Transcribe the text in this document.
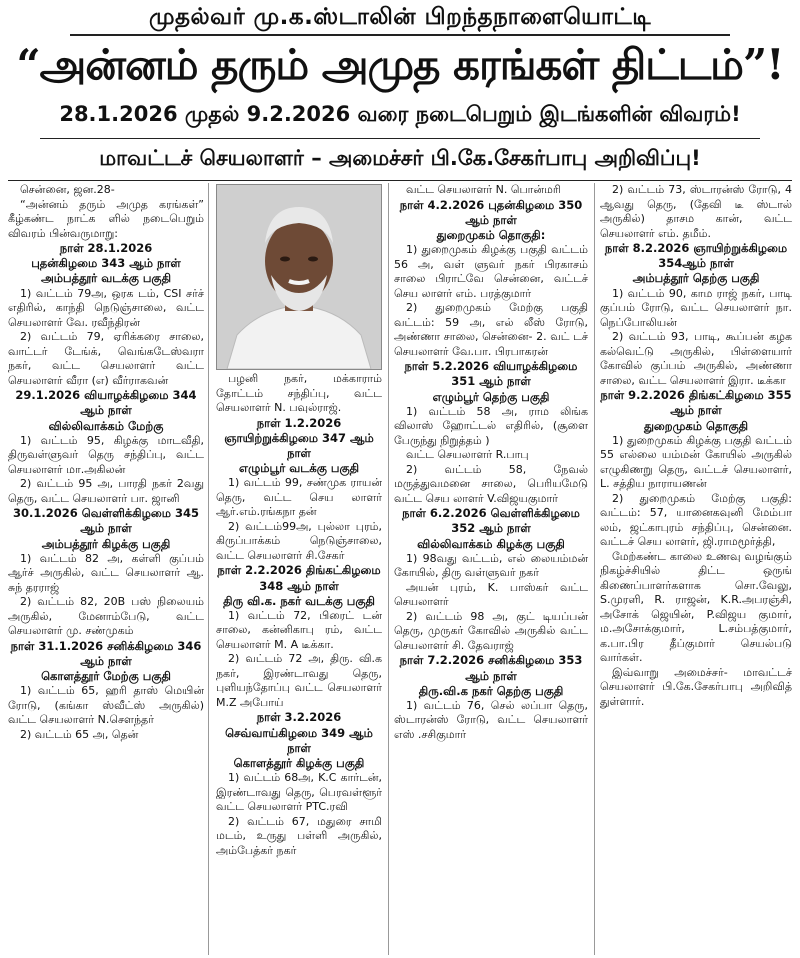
முதல்வர் மு.க.ஸ்டாலின் பிறந்தநாளையொட்டி
“அன்னம் தரும் அமுத கரங்கள் திட்டம்”!
28.1.2026 முதல் 9.2.2026 வரை நடைபெறும் இடங்களின் விவரம்!
மாவட்டச் செயலாளர் – அமைச்சர் பி.கே.சேகர்பாபு அறிவிப்பு!

சென்னை, ஜன.28-

“அன்னம் தரும் அமுத கரங்கள்” கீழ்கண்ட நாட்க ளில் நடைபெறும் விவரம் பின்வருமாறு:

நாள் 28.1.2026

புதன்கிழமை 343 ஆம் நாள் அம்பத்தூர் வடக்கு பகுதி

1) வட்டம் 79அ, ஒரக டம், CSI சர்ச் எதிரில், காந்தி நெடுஞ்சாலை, வட்ட செயலாளர் வே. ரவீந்திரன்

2) வட்டம் 79, ஏரிக்கரை சாலை, வாட்டர் டேங்க், வெங்கடேஸ்வரா நகர், வட்ட செயலாளர் வட்ட செயலாளர் வீரா (எ) வீர்ராகவன்

29.1.2026 வியாழக்கிழமை 344 ஆம் நாள்

வில்லிவாக்கம் மேற்கு

1) வட்டம் 95, கிழக்கு மாடவீதி, திருவள்ளுவர் தெரு சந்திப்பு, வட்ட செயலாளர் மா.அகிலன்

2) வட்டம் 95 அ, பாரதி நகர் 2வது தெரு, வட்ட செயலாளர் பா. ஜானி

30.1.2026 வெள்ளிக்கிழமை 345 ஆம் நாள்

அம்பத்தூர் கிழக்கு பகுதி

1) வட்டம் 82 அ, கள்ளி குப்பம் ஆர்ச் அருகில், வட்ட செயலாளர் ஆ. சுந் தரராஜ்

2) வட்டம் 82, 20B பஸ் நிலையம் அருகில், மேனாம்பேடு, வட்ட செயலாளர் மு. சண்முகம்

நாள் 31.1.2026 சனிக்கிழமை 346 ஆம் நாள்

கொளத்தூர் மேற்கு பகுதி

1) வட்டம் 65, ஹரி தாஸ் மெயின் ரோடு, (கங்கா ஸ்வீட்ஸ் அருகில்) வட்ட செயலாளர் N.சௌந்தர்

2) வட்டம் 65 அ, தென்

பழனி நகர், மக்காராம் தோட்டம் சந்திப்பு, வட்ட செயலாளர் N. பவுல்ராஜ்.

நாள் 1.2.2026 ஞாயிற்றுக்கிழமை 347 ஆம் நாள்

எழும்பூர் வடக்கு பகுதி

1) வட்டம் 99, சண்முக ராயன் தெரு, வட்ட செய லாளர் ஆர்.எம்.ரங்கநா தன்

2) வட்டம்99அ, புல்லா புரம், கிருப்பாக்கம் நெடுஞ்சாலை, வட்ட செயலாளர் சி.சேகர்

நாள் 2.2.2026 திங்கட்கிழமை 348 ஆம் நாள்

திரு வி.க. நகர் வடக்கு பகுதி

1) வட்டம் 72, பிரைட் டன் சாலை, கன்னிகாபு ரம், வட்ட செயலாளர் M. A டீக்கா.

2) வட்டம் 72 அ, திரு. வி.க நகர், இரண்டாவது தெரு, புளியந்தோப்பு வட்ட செயலாளர் M.Z அபோய்

நாள் 3.2.2026 செவ்வாய்கிழமை 349 ஆம் நாள்

கொளத்தூர் கிழக்கு பகுதி

1) வட்டம் 68அ, K.C கார்டன், இரண்டாவது தெரு, பெரவள்ளூர் வட்ட செயலாளர் PTC.ரவி

2) வட்டம் 67, மதுரை சாமி மடம், உருது பள்ளி அருகில், அம்பேத்கர் நகர்

வட்ட செயலாளர் N. பொன்மரி

நாள் 4.2.2026 புதன்கிழமை 350 ஆம் நாள்

துறைமுகம் தொகுதி:

1) துறைமுகம் கிழக்கு பகுதி வட்டம் 56 அ, வள் ளுவர் நகர் பிரகாசம் சாலை பிராட்வே சென்னை, வட்டச் செய லாளர் எம். பரத்குமார்

2) துறைமுகம் மேற்கு பகுதி வட்டம்: 59 அ, எல் லீஸ் ரோடு, அண்ணா சாலை, சென்னை- 2. வட் டச் செயலாளர் வே.பா. பிரபாகரன்

நாள் 5.2.2026 வியாழக்கிழமை 351 ஆம் நாள்

எழும்பூர் தெற்கு பகுதி

1) வட்டம் 58 அ, ராம லிங்க விலாஸ் ஹோட்டல் எதிரில், (சூளை பேருந்து நிறுத்தம் )

வட்ட செயலாளர் R.பாபு

2) வட்டம் 58, நேவல் மருத்துவமனை சாலை, பெரியமேடு வட்ட செய லாளர் V.விஜயகுமார்

நாள் 6.2.2026 வெள்ளிக்கிழமை 352 ஆம் நாள்

வில்லிவாக்கம் கிழக்கு பகுதி

1) 98வது வட்டம், எல் லையம்மன் கோயில், திரு வள்ளுவர் நகர்

அயன் புரம், K. பாஸ்கர் வட்ட செயலாளர்

2) வட்டம் 98 அ, குட் டியப்பன் தெரு, முருகர் கோவில் அருகில் வட்ட செயலாளர் சி. தேவராஜ்

நாள் 7.2.2026 சனிக்கிழமை 353 ஆம் நாள்

திரு.வி.க நகர் தெற்கு பகுதி

1) வட்டம் 76, செல் லப்பா தெரு, ஸ்டாரன்ஸ் ரோடு, வட்ட செயலாளர் எஸ் .சசிகுமார்

2) வட்டம் 73, ஸ்டாரன்ஸ் ரோடு, 4 ஆவது தெரு, (தேவி டீ ஸ்டால் அருகில்) தாசம கான், வட்ட செயலாளர் எம். தமீம்.

நாள் 8.2.2026 ஞாயிற்றுக்கிழமை 354ஆம் நாள்

அம்பத்தூர் தெற்கு பகுதி

1) வட்டம் 90, காம ராஜ் நகர், பாடி குப்பம் ரோடு, வட்ட செயலாளர் நா. நெப்போலியன்

2) வட்டம் 93, பாடி, கூப்பன் கழக கல்வெட்டு அருகில், பிள்ளையார் கோவில் குப்பம் அருகில், அண்ணா சாலை, வட்ட செயலாளர் இரா. டீக்கா

நாள் 9.2.2026 திங்கட்கிழமை 355 ஆம் நாள்

துறைமுகம் தொகுதி

1) துறைமுகம் கிழக்கு பகுதி வட்டம் 55 எல்லை யம்மன் கோயில் அருகில் எழுகிணறு தெரு, வட்டச் செயலாளர், L. சத்திய நாராயணன்

2) துறைமுகம் மேற்கு பகுதி: வட்டம்: 57, யானைகவுனி மேம்பா லம், ஜட்காபுரம் சந்திப்பு, சென்னை. வட்டச் செய லாளர், ஜி.ராமமூர்த்தி,

மேற்கண்ட காலை உணவு வழங்கும் நிகழ்ச்சியில் திட்ட ஒருங் கிணைப்பாளர்களாக சொ.வேலு, S.முரளி, R. ராஜன், K.R.அபரஞ்சி, அசோக் ஜெயின், P.விஜய குமார், ம.அசோக்குமார், L.சம்பத்குமார், க.பா.பிர தீப்குமார் செயல்படு வார்கள்.

இவ்வாறு அமைச்சர்- மாவட்டச் செயலாளர் பி.கே.சேகர்பாபு அறிவித் துள்ளார்.
